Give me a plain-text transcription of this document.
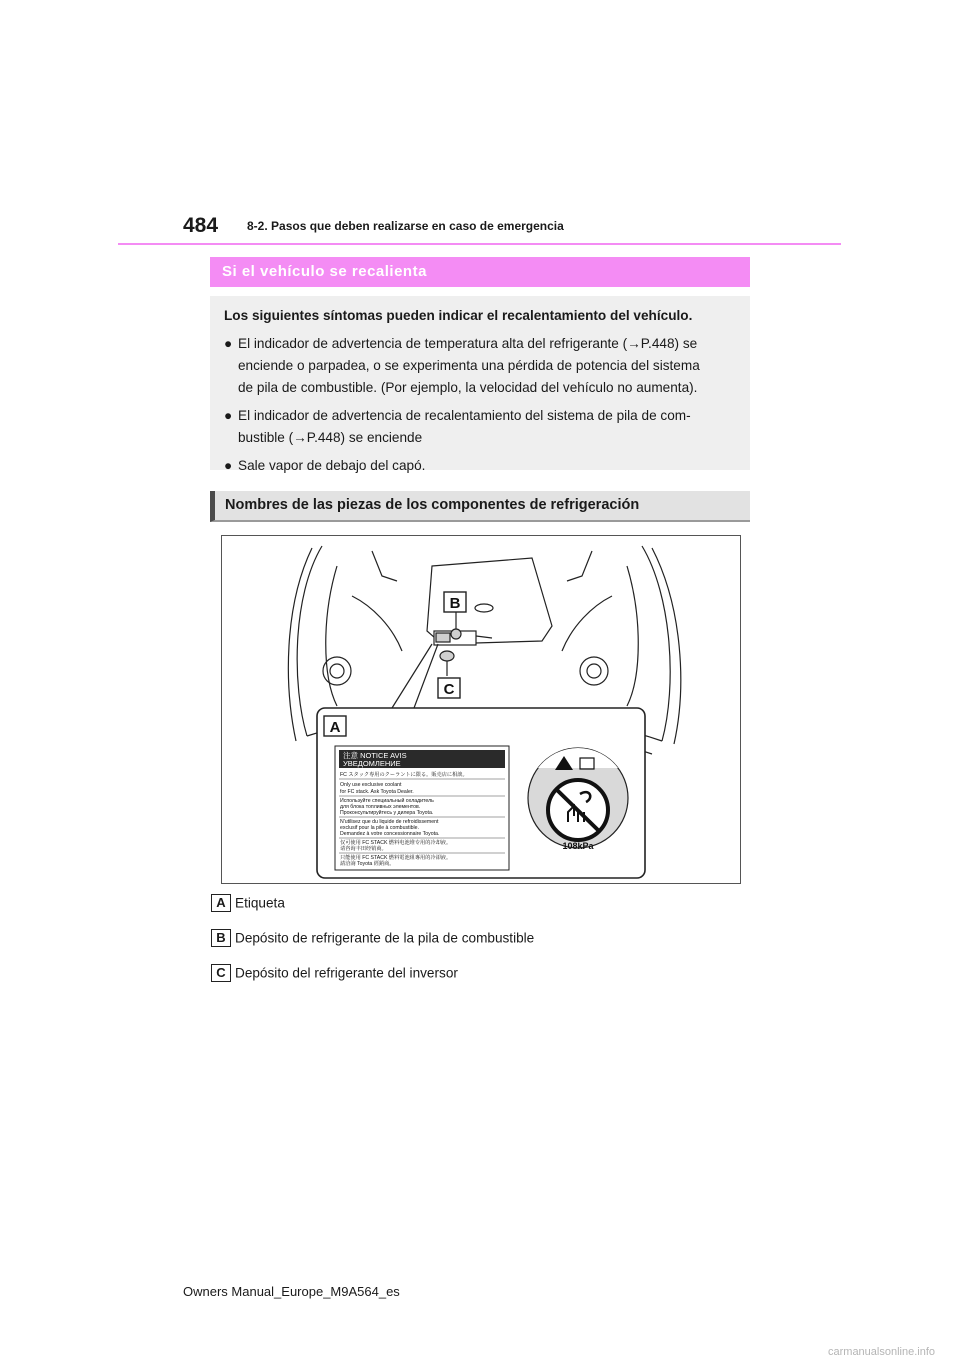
484 8-2. Pasos que deben realizarse en caso de emergencia
Si el vehículo se recalienta
Los siguientes síntomas pueden indicar el recalentamiento del vehículo.
● El indicador de advertencia de temperatura alta del refrigerante (→P.448) se
enciende o parpadea, o se experimenta una pérdida de potencia del sistema
de pila de combustible. (Por ejemplo, la velocidad del vehículo no aumenta).
● El indicador de advertencia de recalentamiento del sistema de pila de com-
bustible (→P.448) se enciende
● Sale vapor de debajo del capó.
Nombres de las piezas de los componentes de refrigeración
B
C
A
注意 NOTICE AVIS
УВЕДОМЛЕНИЕ
FC スタック専用のクーラントに限る。販売店に相談。
Only use exclusive coolant
for FC stack. Ask Toyota Dealer.
Используйте специальный охладитель
для блока топливных элементов.
Проконсультируйтесь у дилера Toyota.
N'utilisez que du liquide de refroidissement
exclusif pour la pile à combustible.
Demandez à votre concessionnaire Toyota.
仅可使用 FC STACK 燃料电池堆专用的冷却液。
请咨询丰田经销商。
只能使用 FC STACK 燃料電池組專用的冷卻液。
請洽詢 Toyota 經銷商。
108kPa
A Etiqueta
B Depósito de refrigerante de la pila de combustible
C Depósito del refrigerante del inversor
Owners Manual_Europe_M9A564_es
carmanualsonline.info
